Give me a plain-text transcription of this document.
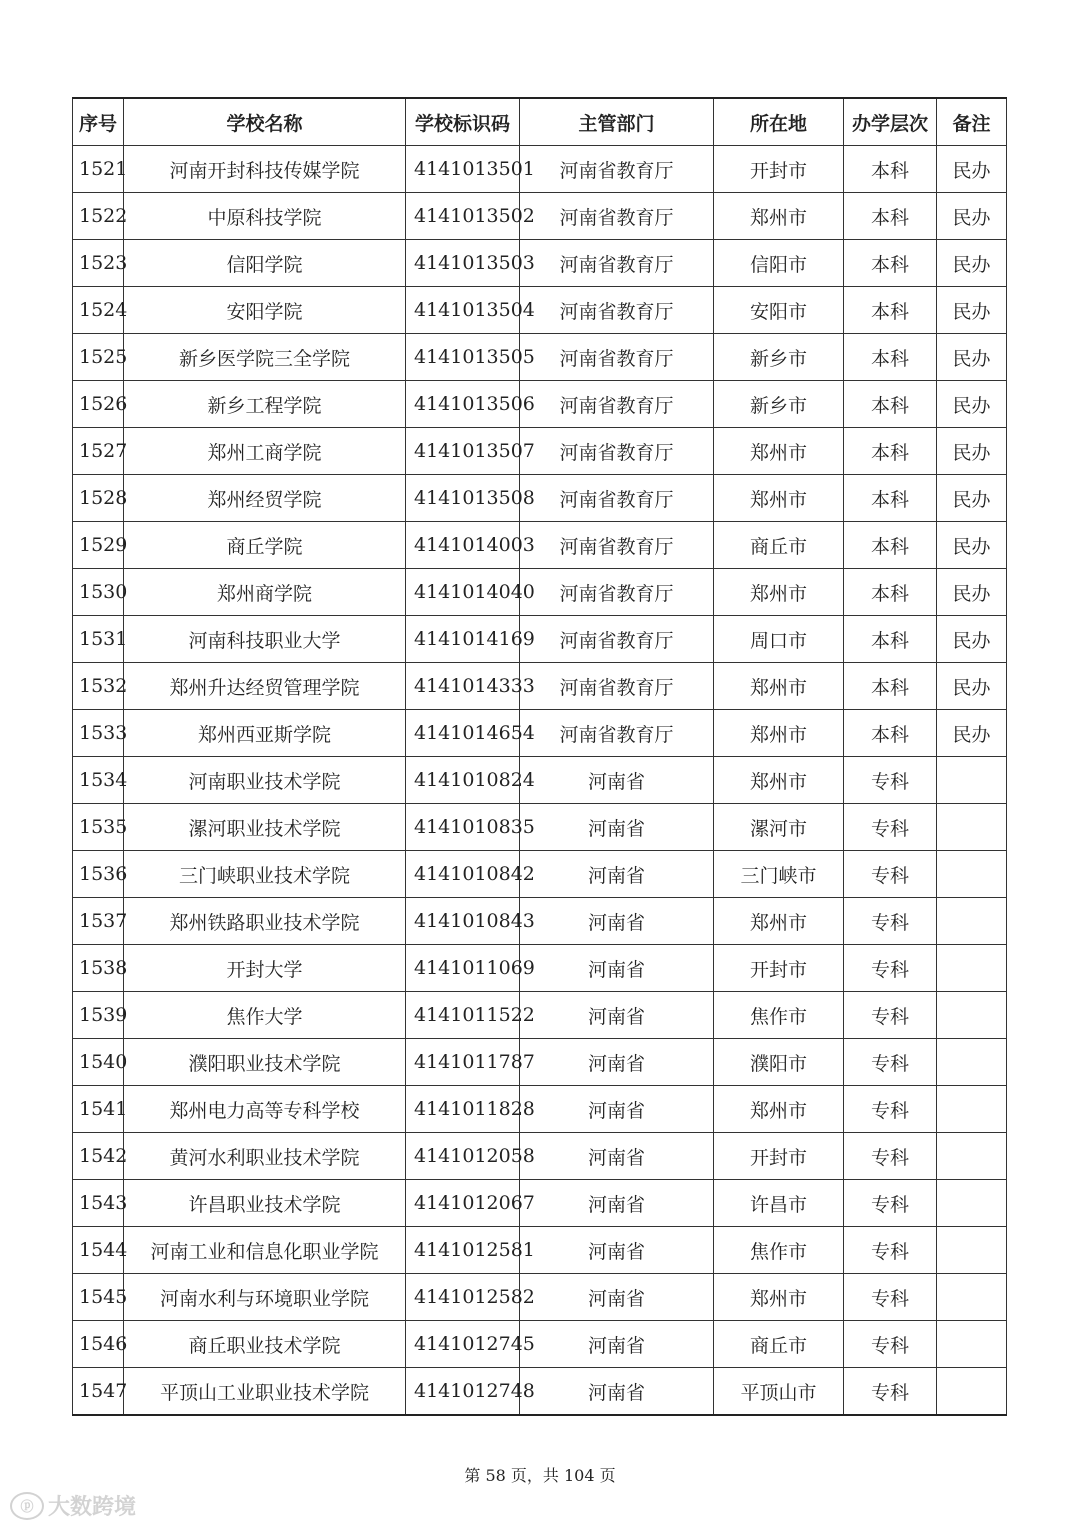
序号	学校名称	学校标识码	主管部门	所在地	办学层次	备注
1521	河南开封科技传媒学院	4141013501	河南省教育厅	开封市	本科	民办
1522	中原科技学院	4141013502	河南省教育厅	郑州市	本科	民办
1523	信阳学院	4141013503	河南省教育厅	信阳市	本科	民办
1524	安阳学院	4141013504	河南省教育厅	安阳市	本科	民办
1525	新乡医学院三全学院	4141013505	河南省教育厅	新乡市	本科	民办
1526	新乡工程学院	4141013506	河南省教育厅	新乡市	本科	民办
1527	郑州工商学院	4141013507	河南省教育厅	郑州市	本科	民办
1528	郑州经贸学院	4141013508	河南省教育厅	郑州市	本科	民办
1529	商丘学院	4141014003	河南省教育厅	商丘市	本科	民办
1530	郑州商学院	4141014040	河南省教育厅	郑州市	本科	民办
1531	河南科技职业大学	4141014169	河南省教育厅	周口市	本科	民办
1532	郑州升达经贸管理学院	4141014333	河南省教育厅	郑州市	本科	民办
1533	郑州西亚斯学院	4141014654	河南省教育厅	郑州市	本科	民办
1534	河南职业技术学院	4141010824	河南省	郑州市	专科	
1535	漯河职业技术学院	4141010835	河南省	漯河市	专科	
1536	三门峡职业技术学院	4141010842	河南省	三门峡市	专科	
1537	郑州铁路职业技术学院	4141010843	河南省	郑州市	专科	
1538	开封大学	4141011069	河南省	开封市	专科	
1539	焦作大学	4141011522	河南省	焦作市	专科	
1540	濮阳职业技术学院	4141011787	河南省	濮阳市	专科	
1541	郑州电力高等专科学校	4141011828	河南省	郑州市	专科	
1542	黄河水利职业技术学院	4141012058	河南省	开封市	专科	
1543	许昌职业技术学院	4141012067	河南省	许昌市	专科	
1544	河南工业和信息化职业学院	4141012581	河南省	焦作市	专科	
1545	河南水利与环境职业学院	4141012582	河南省	郑州市	专科	
1546	商丘职业技术学院	4141012745	河南省	商丘市	专科	
1547	平顶山工业职业技术学院	4141012748	河南省	平顶山市	专科	
第 58 页，共 104 页
ⓟ 大数跨境
